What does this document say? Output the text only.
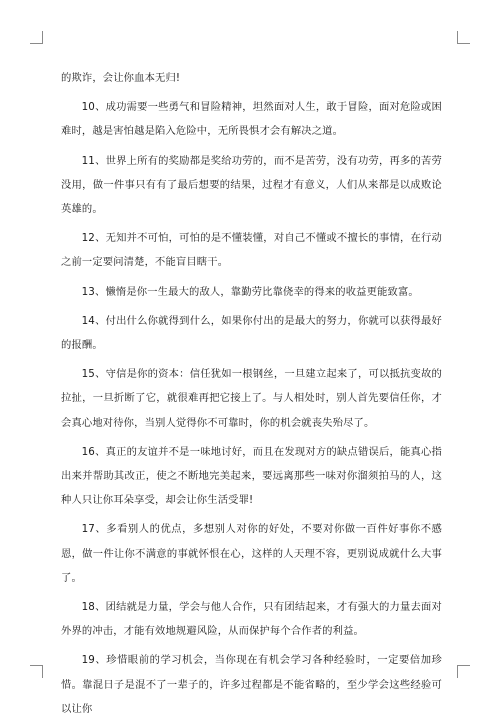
的欺诈，会让你血本无归!

10、成功需要一些勇气和冒险精神，坦然面对人生，敢于冒险，面对危险或困难时，越是害怕越是陷入危险中，无所畏惧才会有解决之道。

11、世界上所有的奖励都是奖给功劳的，而不是苦劳，没有功劳，再多的苦劳没用，做一件事只有有了最后想要的结果，过程才有意义，人们从来都是以成败论英雄的。

12、无知并不可怕，可怕的是不懂装懂，对自己不懂或不擅长的事情，在行动之前一定要问清楚，不能盲目瞎干。

13、懒惰是你一生最大的敌人，靠勤劳比靠侥幸的得来的收益更能致富。

14、付出什么你就得到什么，如果你付出的是最大的努力，你就可以获得最好的报酬。

15、守信是你的资本：信任犹如一根钢丝，一旦建立起来了，可以抵抗变故的拉扯，一旦折断了它，就很难再把它接上了。与人相处时，别人首先要信任你，才会真心地对待你，当别人觉得你不可靠时，你的机会就丧失殆尽了。

16、真正的友谊并不是一味地讨好，而且在发现对方的缺点错误后，能真心指出来并帮助其改正，使之不断地完美起来，要远离那些一味对你溜须拍马的人，这种人只让你耳朵享受，却会让你生活受罪!

17、多看别人的优点，多想别人对你的好处，不要对你做一百件好事你不感恩，做一件让你不满意的事就怀恨在心，这样的人天理不容，更别说成就什么大事了。

18、团结就是力量，学会与他人合作，只有团结起来，才有强大的力量去面对外界的冲击，才能有效地规避风险，从而保护每个合作者的利益。

19、珍惜眼前的学习机会，当你现在有机会学习各种经验时，一定要倍加珍惜。靠混日子是混不了一辈子的，许多过程都是不能省略的，至少学会这些经验可以让你
